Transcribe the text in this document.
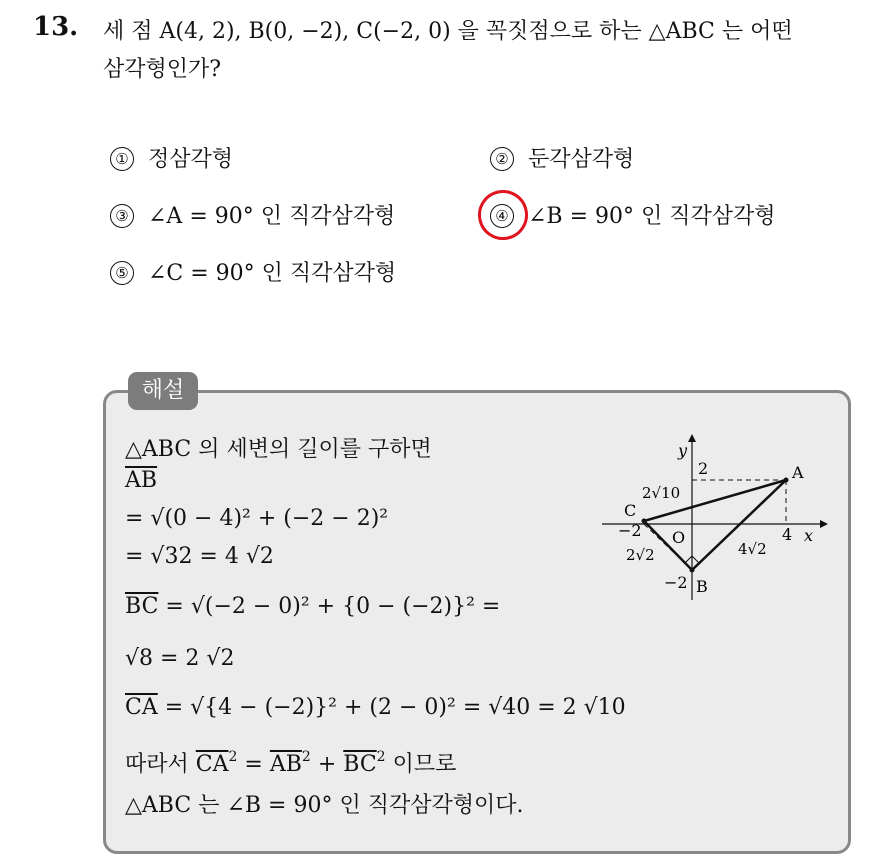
13. 세 점 A(4, 2), B(0, −2), C(−2, 0) 을 꼭짓점으로 하는 △ABC 는 어떤
삼각형인가?
① 정삼각형	② 둔각삼각형
③ ∠A = 90° 인 직각삼각형	④ ∠B = 90° 인 직각삼각형
⑤ ∠C = 90° 인 직각삼각형
해설
△ABC 의 세변의 길이를 구하면
$\overline{AB}$
= √(0 − 4)² + (−2 − 2)²
= √32 = 4 √2
$\overline{BC} = √(-2 - 0)^2 + \{0 - (-2)\}^2$ =
√8 = 2 √2
$\overline{CA} = √\{4 - (-2)\}^2 + (2 - 0)^2 = √40 = 2$ √10
따라서 $\overline{CA}^2 = \overline{AB}^2 + \overline{BC}^2$ 이므로
△ABC 는 ∠B = 90° 인 직각삼각형이다.
y
x
O
A
B
C
2
4
−2
−2
2√10
2√2	4√2
